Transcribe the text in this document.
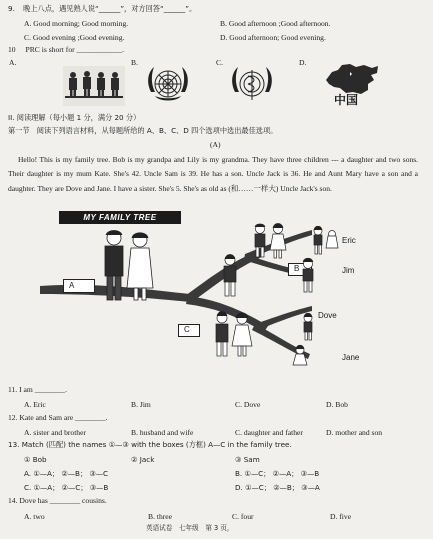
9. 晚上八点，遇见熟人说“______”，对方回答“______”。
A. Good morning; Good morning.	B. Good afternoon ;Good afternoon.
C. Good evening ;Good evening.	D. Good afternoon; Good evening.
10 PRC is short for ____________.
A.	B.	C.	D.
中国
II. 阅读理解（每小题 1 分，满分 20 分）
第一节　阅读下列语言材料，从每题所给的 A、B、C、D 四个选项中选出最佳选项。
(A)
Hello! This is my family tree. Bob is my grandpa and Lily is my grandma. They have three children --- a daughter and two sons. Their daughter is my mum Kate. She's 42. Uncle Sam is 39. He has a son. Uncle Jack is 36. He and Aunt Mary have a son and a daughter. They are Dove and Jane. I have a sister. She's 5. She's as old as (和……一样大) Uncle Jack's son.
MY FAMILY TREE
A
B
C
Eric
Jim
Dove
Jane
11. I am ________.
A. Eric	B. Jim	C. Dove	D. Bob
12. Kate and Sam are ________.
A. sister and brother	B. husband and wife	C. daughter and father	D. mother and son
13. Match (匹配) the names ①—③ with the boxes (方框) A—C in the family tree.
① Bob	② Jack	③ Sam
A. ①—A； ②—B； ③—C	B. ①—C； ②—A； ③—B
C. ①—A； ②—C； ③—B	D. ①—C； ②—B； ③—A
14. Dove has ________ cousins.
A. two	B. three	C. four	D. five
英语试卷　七年级　第 3 页，
